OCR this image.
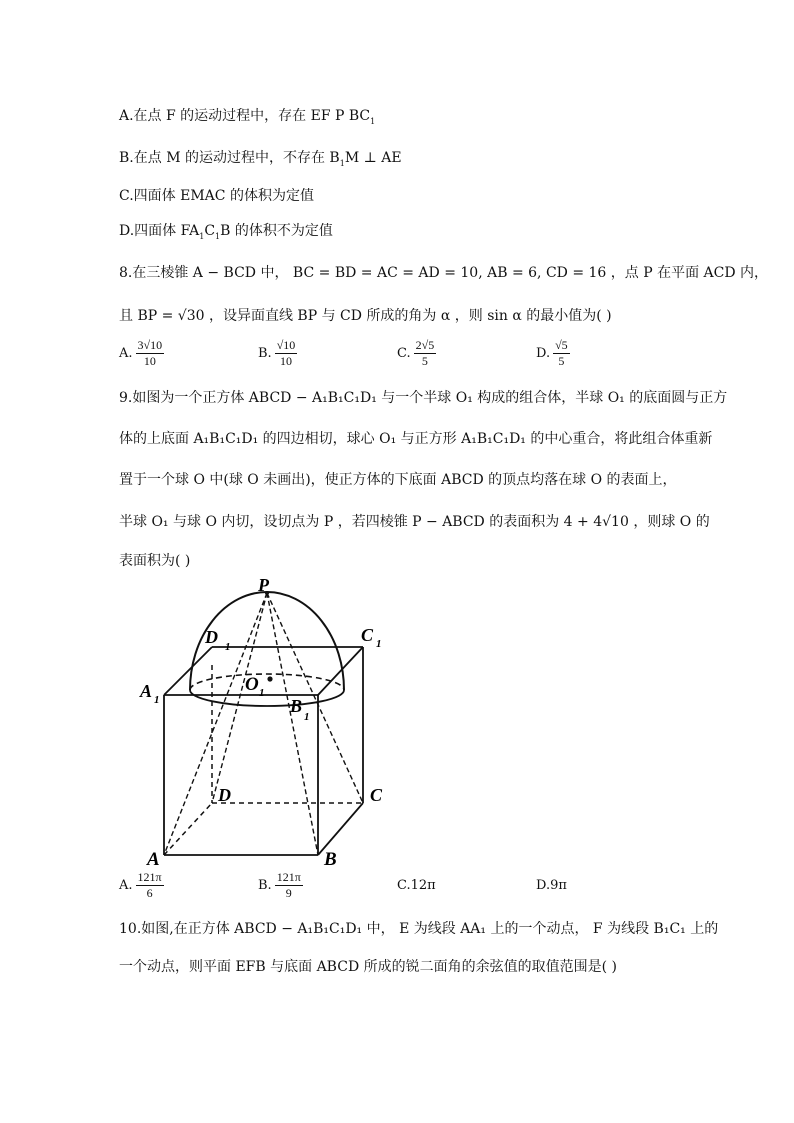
A.在点 F 的运动过程中，存在 EF P $BC_1$
B.在点 M 的运动过程中，不存在 $B_1M$ ⊥ AE
C.四面体 EMAC 的体积为定值
D.四面体 $FA_1C_1B$ 的体积不为定值
8.在三棱锥 A − BCD 中， BC = BD = AC = AD = 10, AB = 6, CD = 16 ，点 P 在平面 ACD 内，
且 BP = √30 ，设异面直线 BP 与 CD 所成的角为 α ，则 sin α 的最小值为( )
A. $\frac{3√10}{10}$	B. $\frac{√10}{10}$	C. $\frac{2√5}{5}$	D. $\frac{√5}{5}$
9.如图为一个正方体 ABCD − A₁B₁C₁D₁ 与一个半球 O₁ 构成的组合体，半球 O₁ 的底面圆与正方
体的上底面 A₁B₁C₁D₁ 的四边相切，球心 O₁ 与正方形 A₁B₁C₁D₁ 的中心重合，将此组合体重新
置于一个球 O 中(球 O 未画出)，使正方体的下底面 ABCD 的顶点均落在球 O 的表面上，
半球 O₁ 与球 O 内切，设切点为 P ，若四棱锥 P − ABCD 的表面积为 4 + 4√10 ，则球 O 的
表面积为( )
P
D 1
C 1
A 1
O 1
B
1
D	C
A	B
A. $\frac{121\pi}{6}$	B. $\frac{121\pi}{9}$	C.12π	D.9π
10.如图,在正方体 ABCD − A₁B₁C₁D₁ 中， E 为线段 AA₁ 上的一个动点， F 为线段 B₁C₁ 上的
一个动点，则平面 EFB 与底面 ABCD 所成的锐二面角的余弦值的取值范围是( )
